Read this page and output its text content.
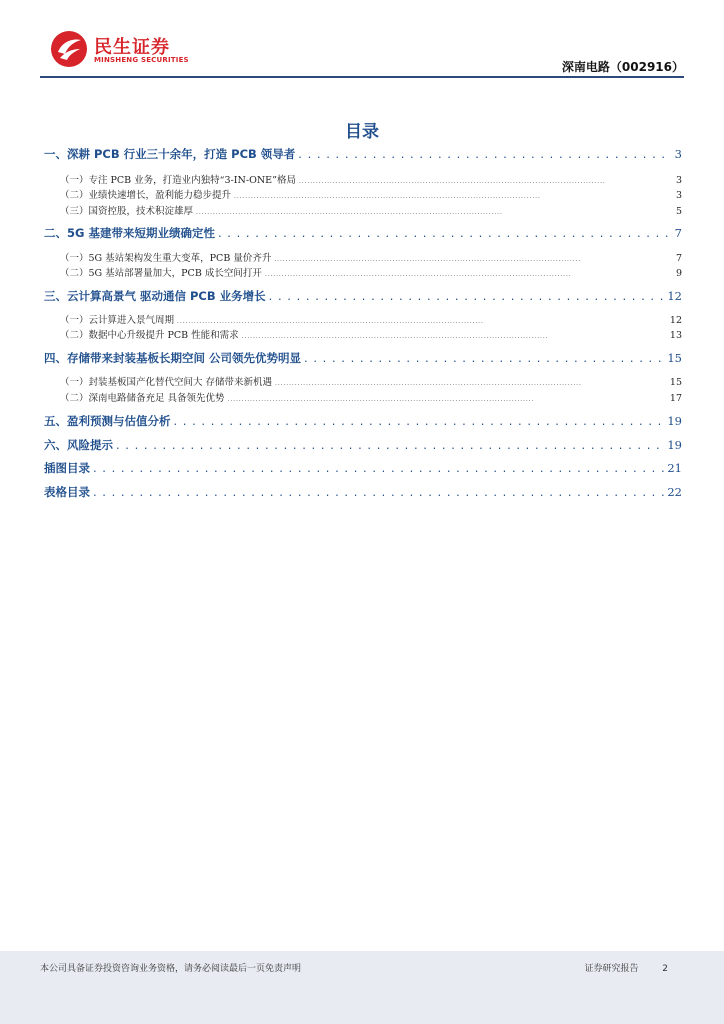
民生证券
MINSHENG SECURITIES	深南电路（002916）
目录
一、深耕 PCB 行业三十余年，打造 PCB 领导者 . . .	3
（一）专注 PCB 业务，打造业内独特“3-IN-ONE”格局 . . .	3
（二）业绩快速增长，盈利能力稳步提升 . . .	3
（三）国资控股，技术积淀雄厚 . . .	5
二、5G 基建带来短期业绩确定性 . . .	7
（一）5G 基站架构发生重大变革，PCB 量价齐升 . . .	7
（二）5G 基站部署量加大，PCB 成长空间打开 . . .	9
三、云计算高景气 驱动通信 PCB 业务增长 . . .	12
（一）云计算进入景气周期 . . .	12
（二）数据中心升级提升 PCB 性能和需求 . . .	13
四、存储带来封装基板长期空间 公司领先优势明显 . . .	15
（一）封装基板国产化替代空间大 存储带来新机遇 . . .	15
（二）深南电路储备充足 具备领先优势 . . .	17
五、盈利预测与估值分析 . . .	19
六、风险提示 . . .	19
插图目录 . . .	21
表格目录 . . .	22
本公司具备证券投资咨询业务资格，请务必阅读最后一页免责声明	证券研究报告	2
